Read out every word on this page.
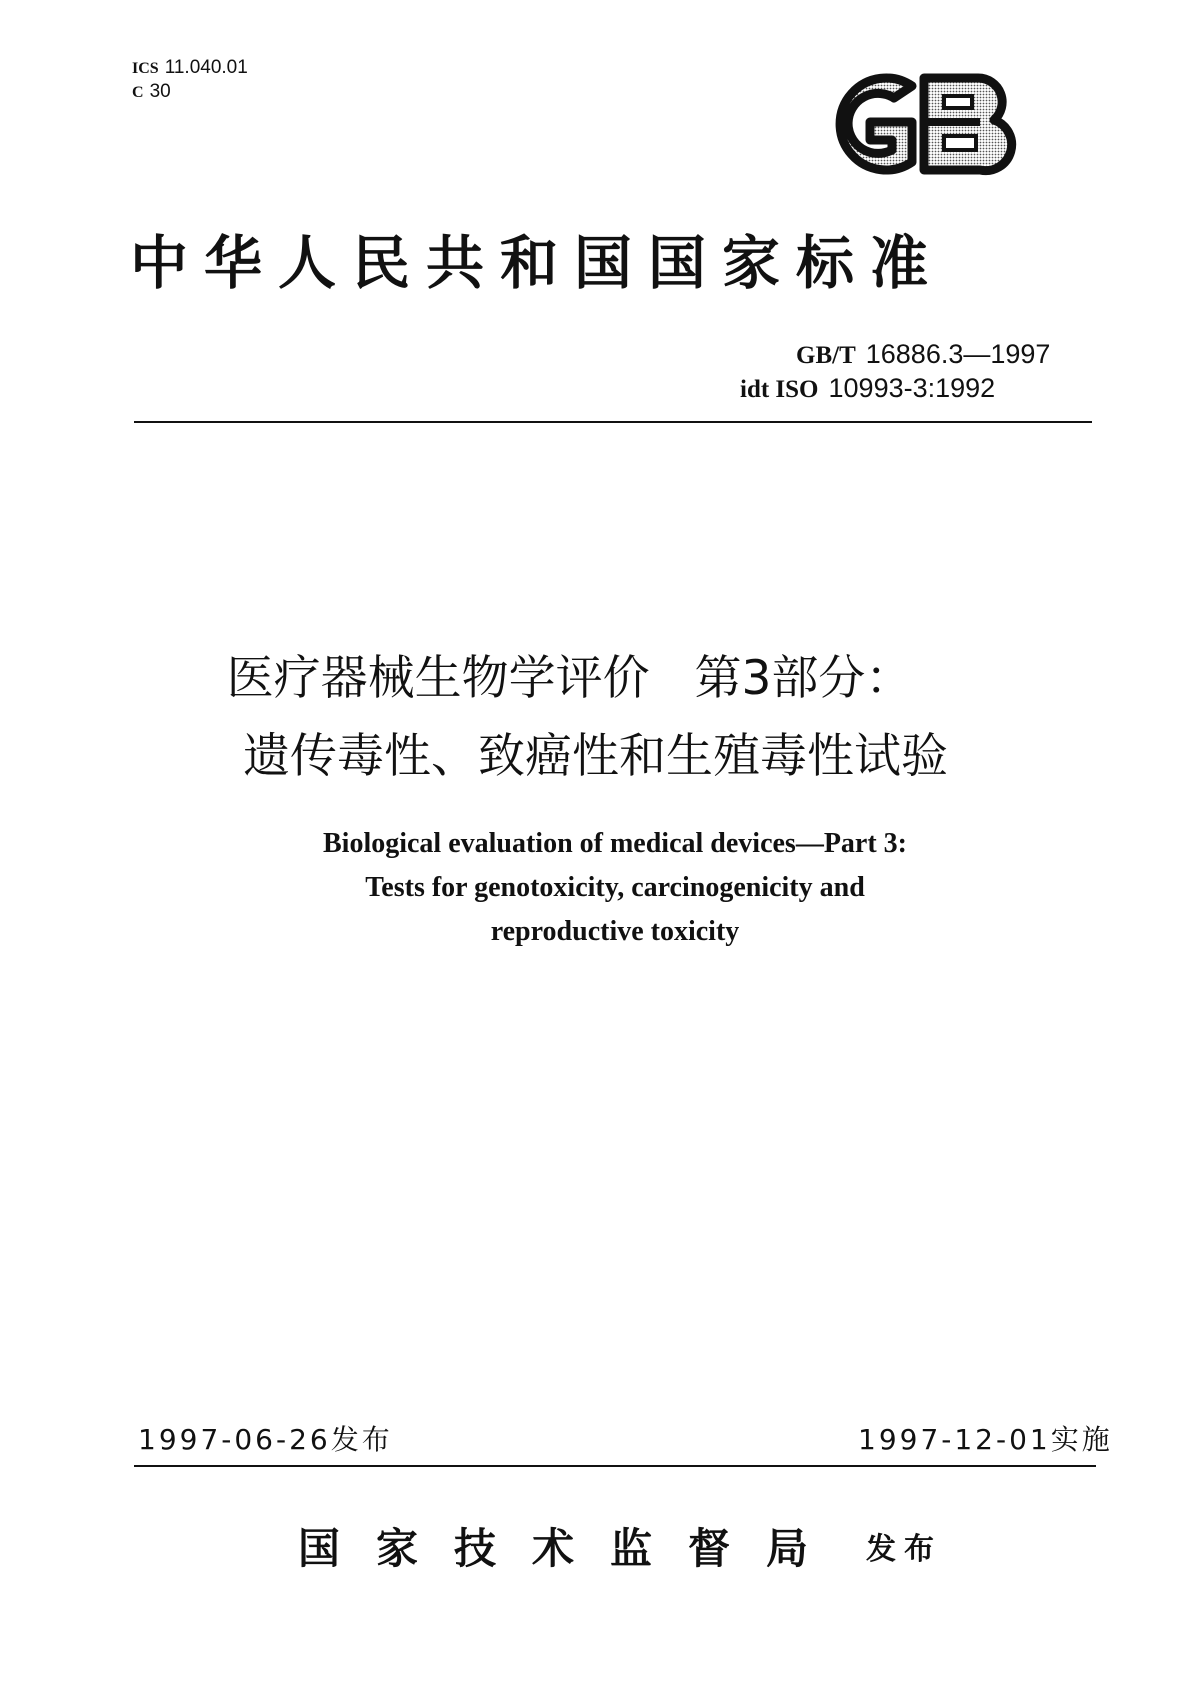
ICS 11.040.01
C 30
中华人民共和国国家标准
GB/T 16886.3—1997
idt ISO 10993-3:1992
医疗器械生物学评价 第3部分：
遗传毒性、致癌性和生殖毒性试验
Biological evaluation of medical devices—Part 3:
Tests for genotoxicity, carcinogenicity and
reproductive toxicity
1997-06-26发布	1997-12-01实施
国家技术监督局 发布
